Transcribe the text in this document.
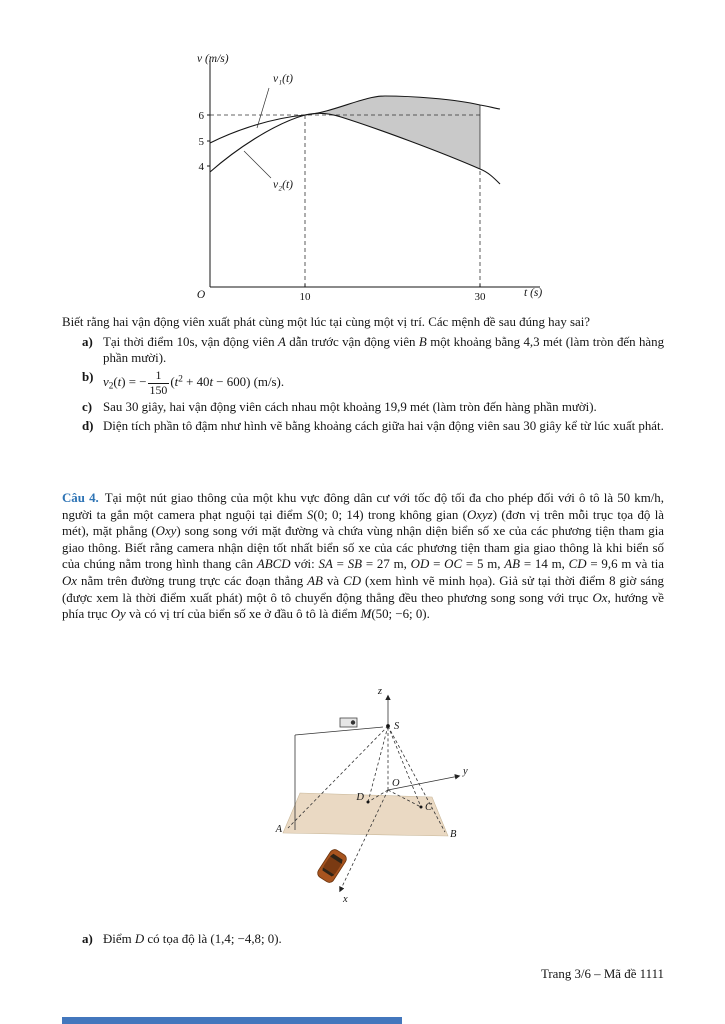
v (m/s)
t (s)
O
6
5
4
10	30
v₁(t)
v₂(t)

Biết rằng hai vận động viên xuất phát cùng một lúc tại cùng một vị trí. Các mệnh đề sau đúng hay sai?

a) Tại thời điểm 10s, vận động viên A dẫn trước vận động viên B một khoảng bằng 4,3 mét (làm tròn đến hàng phần mười).
b) $v_2(t)$ = − $\frac{1}{150} (t^2 + 40t - 600)$ (m/s).
c) Sau 30 giây, hai vận động viên cách nhau một khoảng 19,9 mét (làm tròn đến hàng phần mười).
d) Diện tích phần tô đậm như hình vẽ bằng khoảng cách giữa hai vận động viên sau 30 giây kể từ lúc xuất phát.

Câu 4. Tại một nút giao thông của một khu vực đông dân cư với tốc độ tối đa cho phép đối với ô tô là 50 km/h, người ta gắn một camera phạt nguội tại điểm S(0; 0; 14) trong không gian (Oxyz) (đơn vị trên mỗi trục tọa độ là mét), mặt phẳng (Oxy) song song với mặt đường và chứa vùng nhận diện biển số xe của các phương tiện tham gia giao thông. Biết rằng camera nhận diện tốt nhất biển số xe của các phương tiện tham gia giao thông là khi biển số của chúng nằm trong hình thang cân ABCD với: SA = SB = 27 m, OD = OC = 5 m, AB = 14 m, CD = 9,6 m và tia Ox nằm trên đường trung trực các đoạn thẳng AB và CD (xem hình vẽ minh họa). Giả sử tại thời điểm 8 giờ sáng (được xem là thời điểm xuất phát) một ô tô chuyển động thẳng đều theo phương song song với trục Ox, hướng về phía trục Oy và có vị trí của biển số xe ở đầu ô tô là điểm M(50; −6; 0).

z
S
y
O
D
C
A	B
x
a) Điểm D có tọa độ là (1,4; −4,8; 0).
Trang 3/6 – Mã đề 1111
